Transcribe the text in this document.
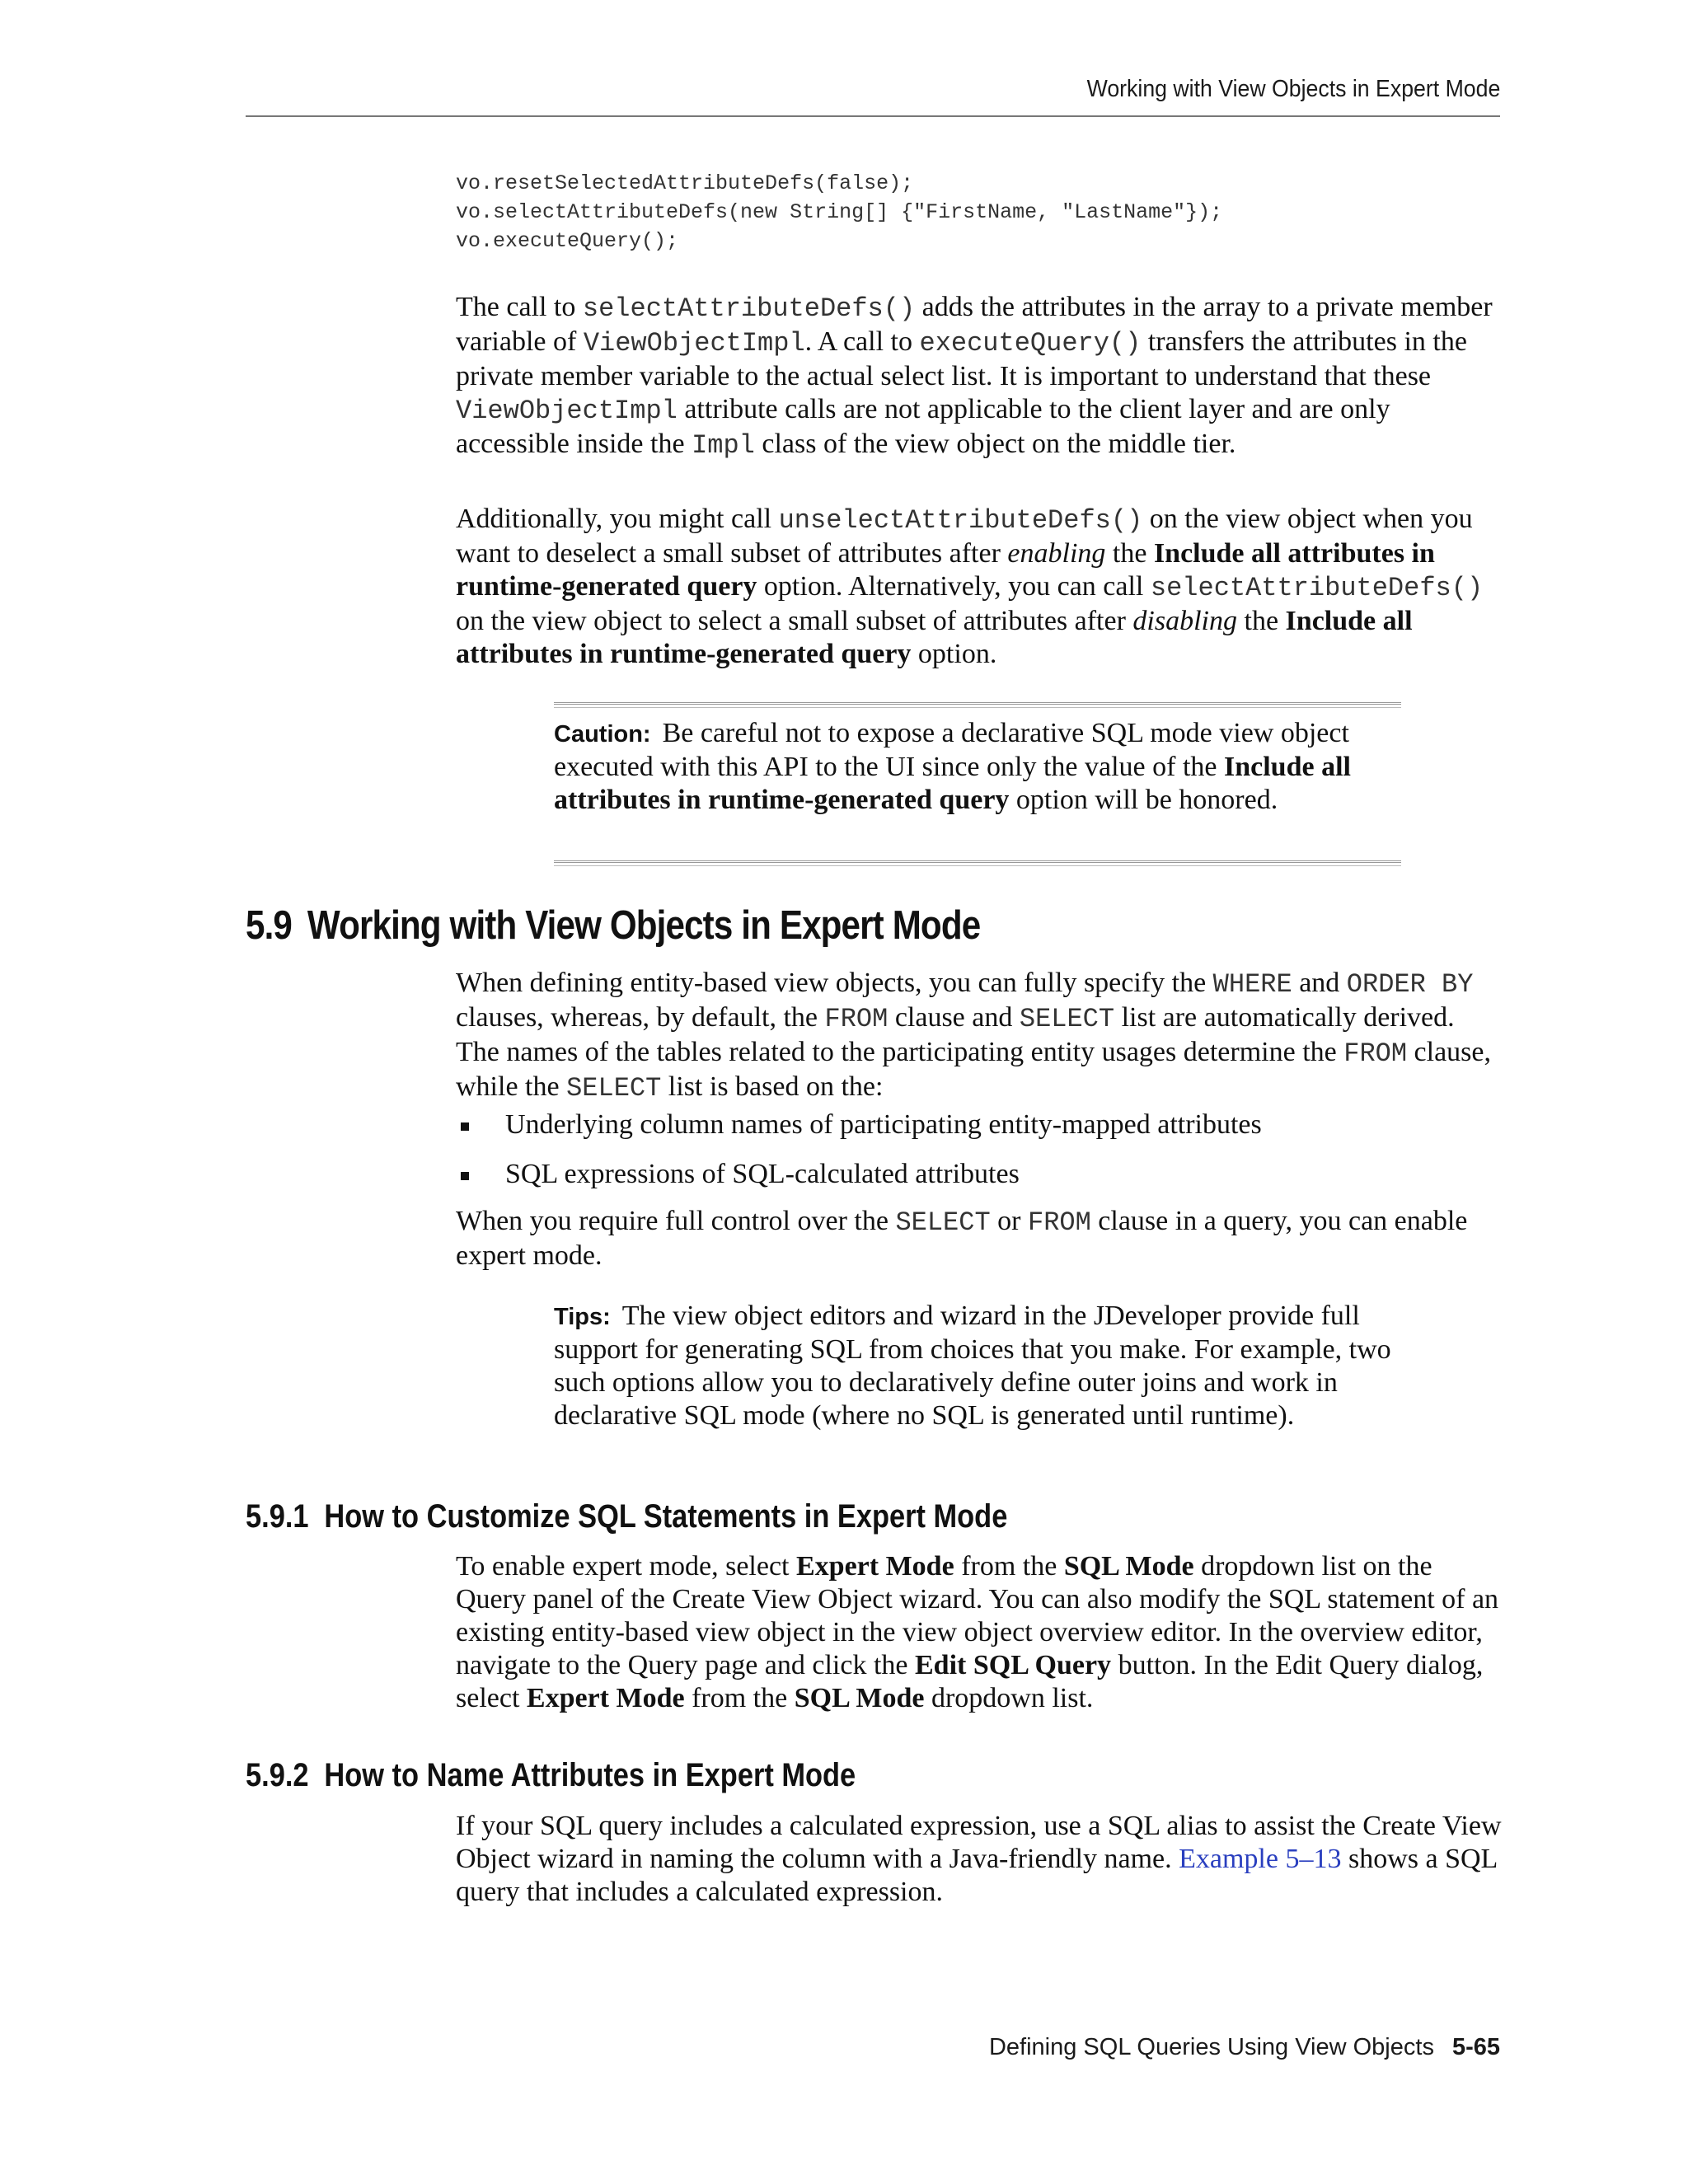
Working with View Objects in Expert Mode
vo.resetSelectedAttributeDefs(false);
vo.selectAttributeDefs(new String[] {"FirstName, "LastName"});
vo.executeQuery();

The call to selectAttributeDefs() adds the attributes in the array to a private member variable of ViewObjectImpl. A call to executeQuery() transfers the attributes in the private member variable to the actual select list. It is important to understand that these ViewObjectImpl attribute calls are not applicable to the client layer and are only accessible inside the Impl class of the view object on the middle tier.

Additionally, you might call unselectAttributeDefs() on the view object when you want to deselect a small subset of attributes after enabling the Include all attributes in runtime-generated query option. Alternatively, you can call selectAttributeDefs() on the view object to select a small subset of attributes after disabling the Include all attributes in runtime-generated query option.

Caution: Be careful not to expose a declarative SQL mode view object executed with this API to the UI since only the value of the Include all attributes in runtime-generated query option will be honored.

5.9 Working with View Objects in Expert Mode

When defining entity-based view objects, you can fully specify the WHERE and ORDER BY clauses, whereas, by default, the FROM clause and SELECT list are automatically derived. The names of the tables related to the participating entity usages determine the FROM clause, while the SELECT list is based on the:

Underlying column names of participating entity-mapped attributes
SQL expressions of SQL-calculated attributes

When you require full control over the SELECT or FROM clause in a query, you can enable expert mode.

Tips: The view object editors and wizard in the JDeveloper provide full support for generating SQL from choices that you make. For example, two such options allow you to declaratively define outer joins and work in declarative SQL mode (where no SQL is generated until runtime).

5.9.1 How to Customize SQL Statements in Expert Mode

To enable expert mode, select Expert Mode from the SQL Mode dropdown list on the Query panel of the Create View Object wizard. You can also modify the SQL statement of an existing entity-based view object in the view object overview editor. In the overview editor, navigate to the Query page and click the Edit SQL Query button. In the Edit Query dialog, select Expert Mode from the SQL Mode dropdown list.

5.9.2 How to Name Attributes in Expert Mode

If your SQL query includes a calculated expression, use a SQL alias to assist the Create View Object wizard in naming the column with a Java-friendly name. Example 5–13 shows a SQL query that includes a calculated expression.

Defining SQL Queries Using View Objects 5-65
